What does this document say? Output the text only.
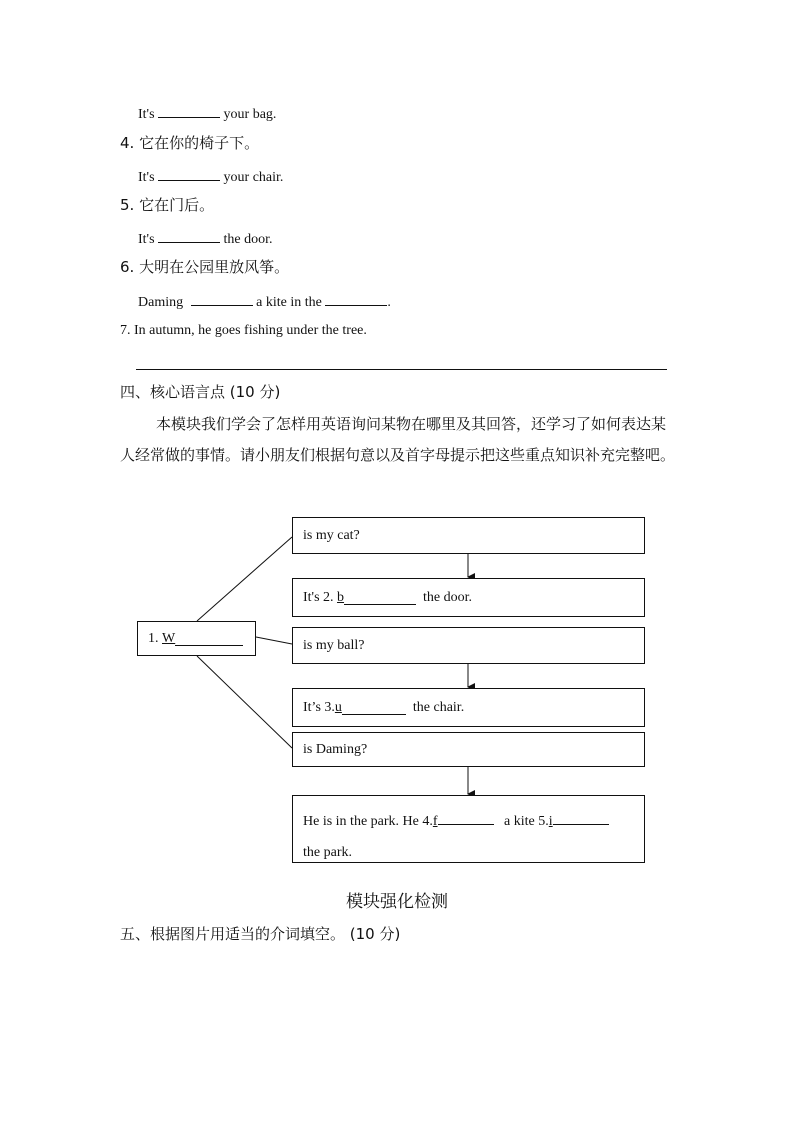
It's	your bag.
4. 它在你的椅子下。
It's	your chair.
5. 它在门后。
It's	the door.
6. 大明在公园里放风筝。
Daming	a kite in the	.
7. In autumn, he goes fishing under the tree.
四、核心语言点 (10 分)
本模块我们学会了怎样用英语询问某物在哪里及其回答，还学习了如何表达某人经常做的事情。请小朋友们根据句意以及首字母提示把这些重点知识补充完整吧。
1.
W
is my cat?
It's 2.
b
	the door.
is my ball?
It’s 3. u
	the chair.
is Daming?
He is in the park. He 4.f	a kite 5.i
the park.
模块强化检测
五、根据图片用适当的介词填空。 (10 分)
